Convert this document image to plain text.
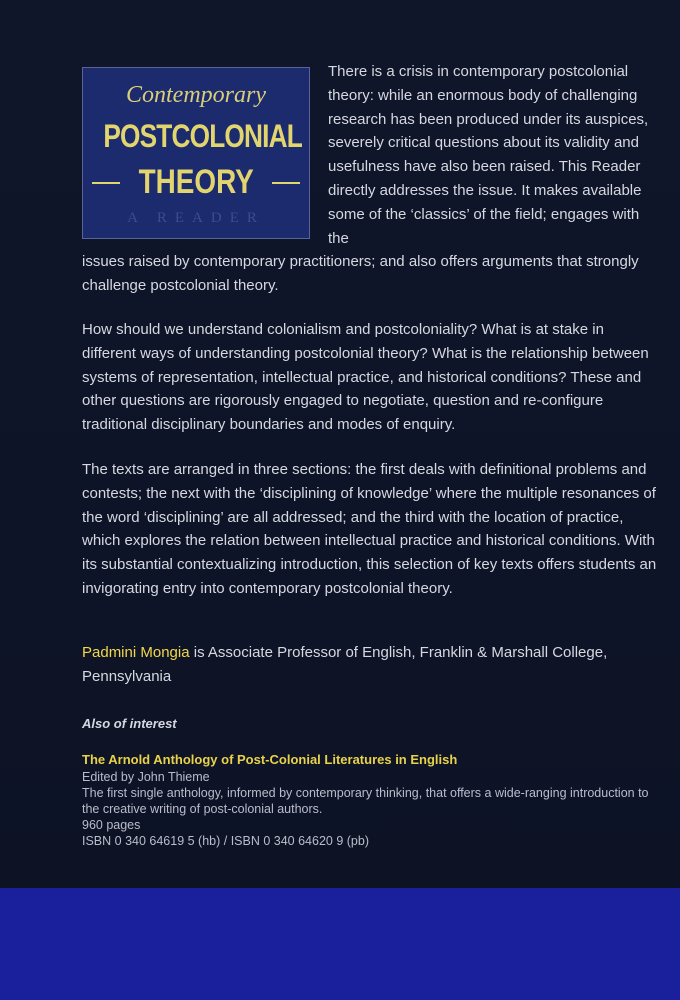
Contemporary
POSTCOLONIAL
THEORY
A READER

There is a crisis in contemporary postcolonial theory: while an enormous body of challenging research has been produced under its auspices, severely critical questions about its validity and usefulness have also been raised. This Reader directly addresses the issue. It makes available some of the ‘classics’ of the field; engages with the

issues raised by contemporary practitioners; and also offers arguments that strongly challenge postcolonial theory.

How should we understand colonialism and postcoloniality? What is at stake in different ways of understanding postcolonial theory? What is the relationship between systems of representation, intellectual practice, and historical conditions? These and other questions are rigorously engaged to negotiate, question and re-configure traditional disciplinary boundaries and modes of enquiry.

The texts are arranged in three sections: the first deals with definitional problems and contests; the next with the ‘disciplining of knowledge’ where the multiple resonances of the word ‘disciplining’ are all addressed; and the third with the location of practice, which explores the relation between intellectual practice and historical conditions. With its substantial contextualizing introduction, this selection of key texts offers students an invigorating entry into contemporary postcolonial theory.

Padmini Mongia is Associate Professor of English, Franklin & Marshall College, Pennsylvania

Also of interest

The Arnold Anthology of Post-Colonial Literatures in English

Edited by John Thieme

The first single anthology, informed by contemporary thinking, that offers a wide-ranging introduction to the creative writing of post-colonial authors.

960 pages

ISBN 0 340 64619 5 (hb) / ISBN 0 340 64620 9 (pb)
